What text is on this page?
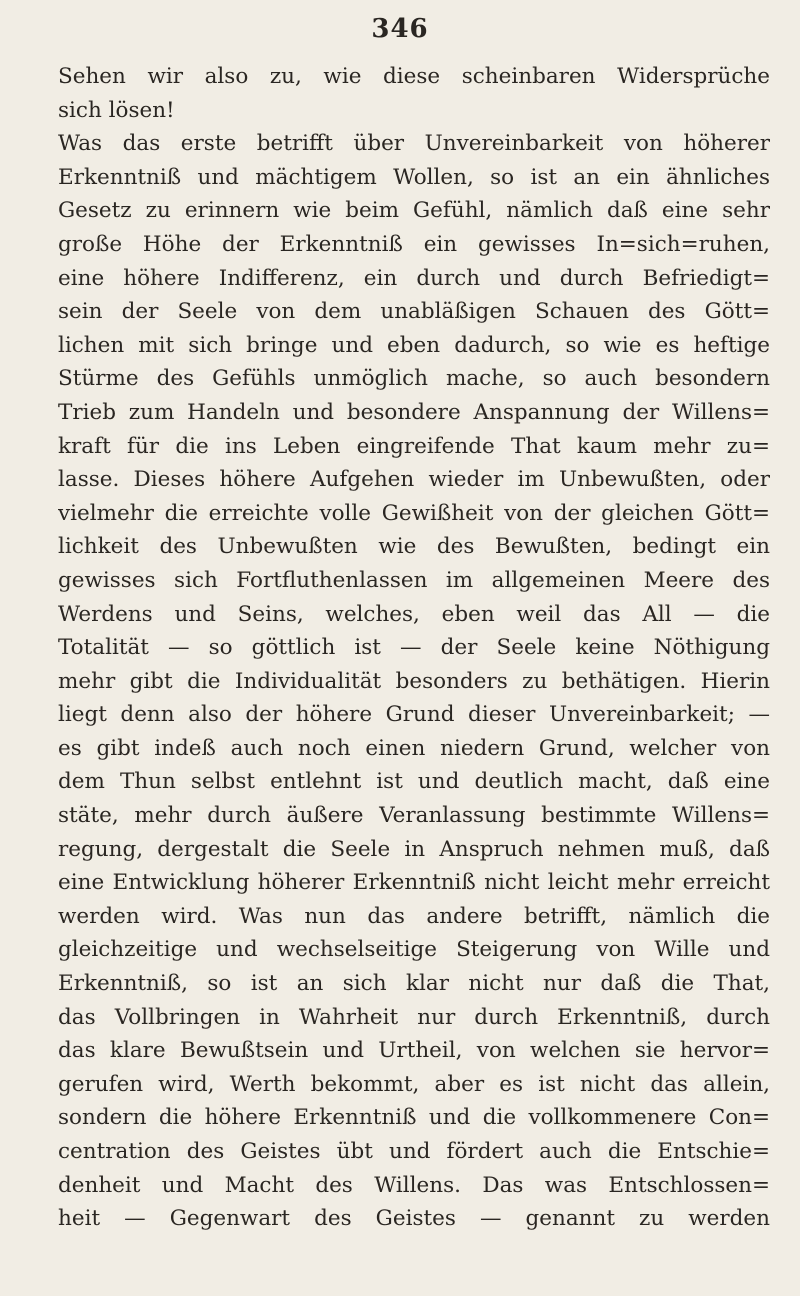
346
Sehen wir also zu, wie diese scheinbaren Widersprüche
sich lösen!
Was das erste betrifft über Unvereinbarkeit von höherer
Erkenntniß und mächtigem Wollen, so ist an ein ähnliches
Gesetz zu erinnern wie beim Gefühl, nämlich daß eine sehr
große Höhe der Erkenntniß ein gewisses In=sich=ruhen,
eine höhere Indifferenz, ein durch und durch Befriedigt=
sein der Seele von dem unabläßigen Schauen des Gött=
lichen mit sich bringe und eben dadurch, so wie es heftige
Stürme des Gefühls unmöglich mache, so auch besondern
Trieb zum Handeln und besondere Anspannung der Willens=
kraft für die ins Leben eingreifende That kaum mehr zu=
lasse. Dieses höhere Aufgehen wieder im Unbewußten, oder
vielmehr die erreichte volle Gewißheit von der gleichen Gött=
lichkeit des Unbewußten wie des Bewußten, bedingt ein
gewisses sich Fortfluthenlassen im allgemeinen Meere des
Werdens und Seins, welches, eben weil das All — die
Totalität — so göttlich ist — der Seele keine Nöthigung
mehr gibt die Individualität besonders zu bethätigen. Hierin
liegt denn also der höhere Grund dieser Unvereinbarkeit; —
es gibt indeß auch noch einen niedern Grund, welcher von
dem Thun selbst entlehnt ist und deutlich macht, daß eine
stäte, mehr durch äußere Veranlassung bestimmte Willens=
regung, dergestalt die Seele in Anspruch nehmen muß, daß
eine Entwicklung höherer Erkenntniß nicht leicht mehr erreicht
werden wird. Was nun das andere betrifft, nämlich die
gleichzeitige und wechselseitige Steigerung von Wille und
Erkenntniß, so ist an sich klar nicht nur daß die That,
das Vollbringen in Wahrheit nur durch Erkenntniß, durch
das klare Bewußtsein und Urtheil, von welchen sie hervor=
gerufen wird, Werth bekommt, aber es ist nicht das allein,
sondern die höhere Erkenntniß und die vollkommenere Con=
centration des Geistes übt und fördert auch die Entschie=
denheit und Macht des Willens. Das was Entschlossen=
heit — Gegenwart des Geistes — genannt zu werden
